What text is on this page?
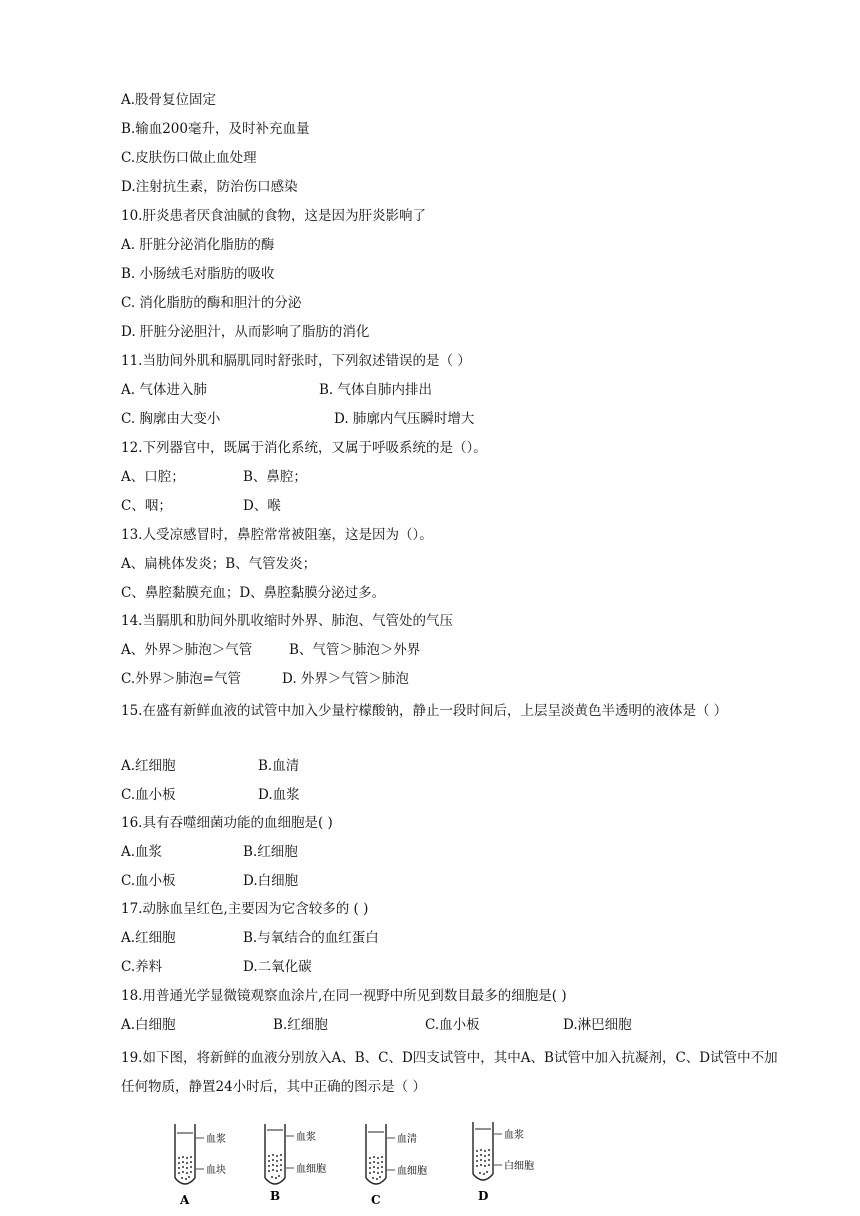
A.股骨复位固定
B.输血200毫升，及时补充血量
C.皮肤伤口做止血处理
D.注射抗生素，防治伤口感染
10.肝炎患者厌食油腻的食物，这是因为肝炎影响了
A. 肝脏分泌消化脂肪的酶
B. 小肠绒毛对脂肪的吸收
C. 消化脂肪的酶和胆汁的分泌
D. 肝脏分泌胆汁，从而影响了脂肪的消化
11.当肋间外肌和膈肌同时舒张时，下列叙述错误的是（ ）
A. 气体进入肺	B. 气体自肺内排出
C. 胸廓由大变小	D. 肺廓内气压瞬时增大
12.下列器官中，既属于消化系统，又属于呼吸系统的是（）。
A、口腔；	B、鼻腔；
C、咽；	D、喉
13.人受凉感冒时，鼻腔常常被阻塞，这是因为（）。
A、扁桃体发炎；B、气管发炎；
C、鼻腔黏膜充血；D、鼻腔黏膜分泌过多。
14.当膈肌和肋间外肌收缩时外界、肺泡、气管处的气压
A、外界＞肺泡＞气管	B、气管＞肺泡＞外界
C.外界＞肺泡=气管	D. 外界＞气管＞肺泡
15.在盛有新鲜血液的试管中加入少量柠檬酸钠，静止一段时间后，上层呈淡黄色半透明的液体是（ ）
A.红细胞	B.血清
C.血小板	D.血浆
16.具有吞噬细菌功能的血细胞是( )
A.血浆	B.红细胞
C.血小板	D.白细胞
17.动脉血呈红色,主要因为它含较多的 ( )
A.红细胞	B.与氧结合的血红蛋白
C.养料	D.二氧化碳
18.用普通光学显微镜观察血涂片,在同一视野中所见到数目最多的细胞是( )
A.白细胞	B.红细胞	C.血小板	D.淋巴细胞
19.如下图，将新鲜的血液分别放入A、B、C、D四支试管中，其中A、B试管中加入抗凝剂，C、D试管中不加任何物质，静置24小时后，其中正确的图示是（ ）
血浆
血块
A
血浆
血细胞
B
血清
血细胞
C
血浆
白细胞
D
